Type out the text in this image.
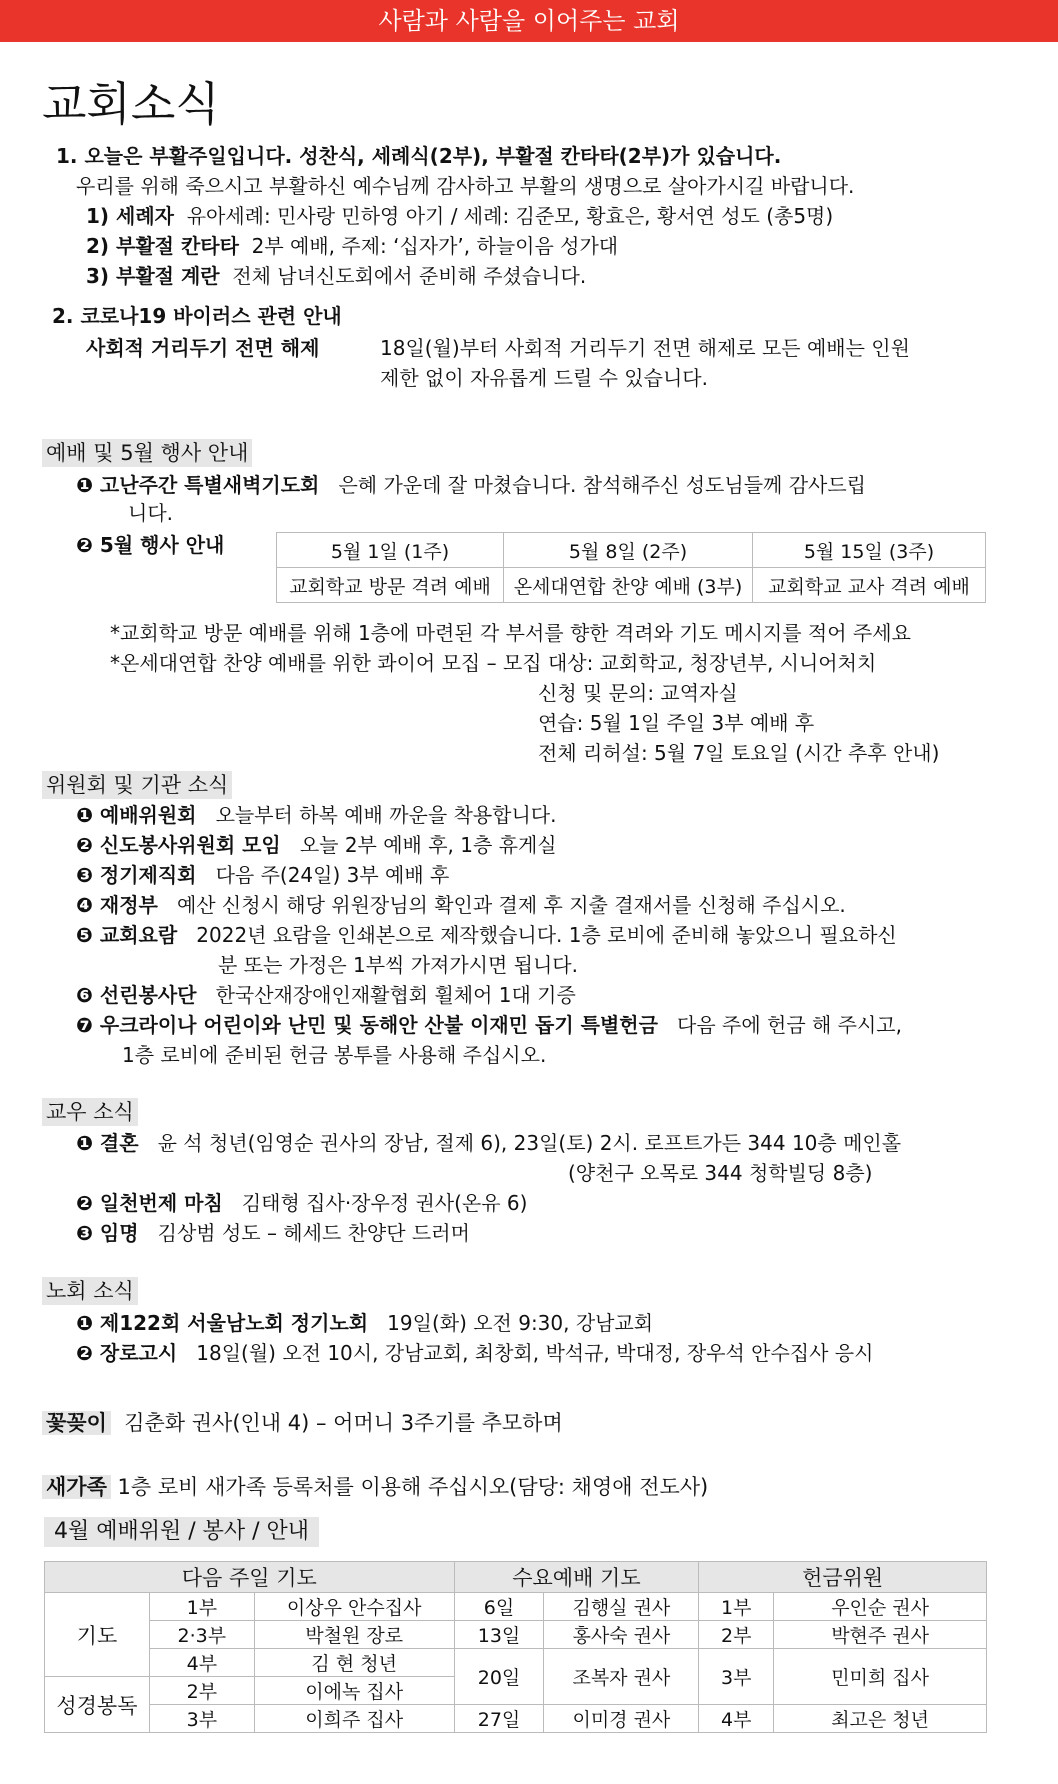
사람과 사람을 이어주는 교회
교회소식
1. 오늘은 부활주일입니다. 성찬식, 세례식(2부), 부활절 칸타타(2부)가 있습니다.
우리를 위해 죽으시고 부활하신 예수님께 감사하고 부활의 생명으로 살아가시길 바랍니다.
1) 세례자 유아세례: 민사랑 민하영 아기 / 세례: 김준모, 황효은, 황서연 성도 (총5명)
2) 부활절 칸타타 2부 예배, 주제: ‘십자가’, 하늘이음 성가대
3) 부활절 계란 전체 남녀신도회에서 준비해 주셨습니다.
2. 코로나19 바이러스 관련 안내
사회적 거리두기 전면 해제	18일(월)부터 사회적 거리두기 전면 해제로 모든 예배는 인원
제한 없이 자유롭게 드릴 수 있습니다.
예배 및 5월 행사 안내
❶ 고난주간 특별새벽기도회 은혜 가운데 잘 마쳤습니다. 참석해주신 성도님들께 감사드립
니다.
❷ 5월 행사 안내	5월 1일 (1주)	5월 8일 (2주)	5월 15일 (3주)
교회학교 방문 격려 예배	온세대연합 찬양 예배 (3부)	교회학교 교사 격려 예배
*교회학교 방문 예배를 위해 1층에 마련된 각 부서를 향한 격려와 기도 메시지를 적어 주세요
*온세대연합 찬양 예배를 위한 콰이어 모집 – 모집 대상: 교회학교, 청장년부, 시니어처치
신청 및 문의: 교역자실
연습: 5월 1일 주일 3부 예배 후
전체 리허설: 5월 7일 토요일 (시간 추후 안내)
위원회 및 기관 소식
❶ 예배위원회 오늘부터 하복 예배 까운을 착용합니다.
❷ 신도봉사위원회 모임 오늘 2부 예배 후, 1층 휴게실
❸ 정기제직회 다음 주(24일) 3부 예배 후
❹ 재정부 예산 신청시 해당 위원장님의 확인과 결제 후 지출 결재서를 신청해 주십시오.
❺ 교회요람 2022년 요람을 인쇄본으로 제작했습니다. 1층 로비에 준비해 놓았으니 필요하신
분 또는 가정은 1부씩 가져가시면 됩니다.
❻ 선린봉사단 한국산재장애인재활협회 휠체어 1대 기증
❼ 우크라이나 어린이와 난민 및 동해안 산불 이재민 돕기 특별헌금 다음 주에 헌금 해 주시고,
1층 로비에 준비된 헌금 봉투를 사용해 주십시오.
교우 소식
❶ 결혼 윤 석 청년(임영순 권사의 장남, 절제 6), 23일(토) 2시. 로프트가든 344 10층 메인홀
(양천구 오목로 344 청학빌딩 8층)
❷ 일천번제 마침 김태형 집사·장우정 권사(온유 6)
❸ 임명 김상범 성도 – 헤세드 찬양단 드러머
노회 소식
❶ 제122회 서울남노회 정기노회 19일(화) 오전 9:30, 강남교회
❷ 장로고시 18일(월) 오전 10시, 강남교회, 최창회, 박석규, 박대정, 장우석 안수집사 응시
꽃꽂이 김춘화 권사(인내 4) – 어머니 3주기를 추모하며
새가족 1층 로비 새가족 등록처를 이용해 주십시오(담당: 채영애 전도사)
4월 예배위원 / 봉사 / 안내
다음 주일 기도			수요예배 기도		헌금위원	
기도	1부	이상우 안수집사	6일	김행실 권사	1부	우인순 권사
	2·3부	박철원 장로	13일	홍사숙 권사	2부	박현주 권사
	4부	김 현 청년	20일	조복자 권사	3부	민미희 집사
성경봉독	2부	이에녹 집사				
	3부	이희주 집사	27일	이미경 권사	4부	최고은 청년
